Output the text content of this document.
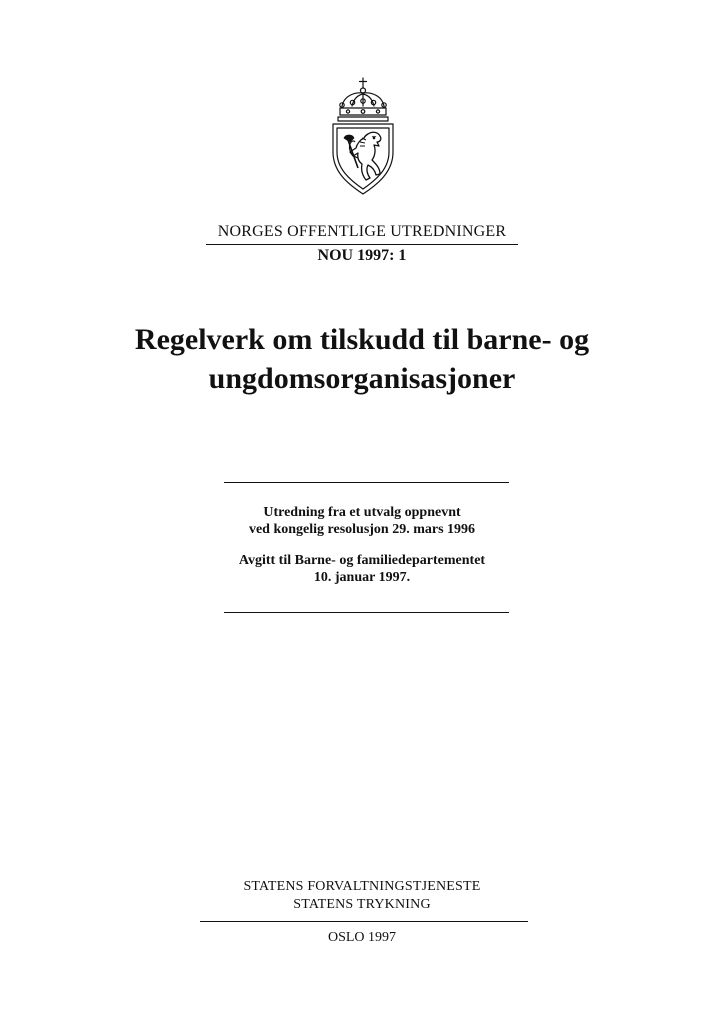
NORGES OFFENTLIGE UTREDNINGER
NOU 1997: 1
Regelverk om tilskudd til barne- og
ungdomsorganisasjoner
Utredning fra et utvalg oppnevnt
ved kongelig resolusjon 29. mars 1996
Avgitt til Barne- og familiedepartementet
10. januar 1997.
STATENS FORVALTNINGSTJENESTE
STATENS TRYKNING
OSLO 1997
